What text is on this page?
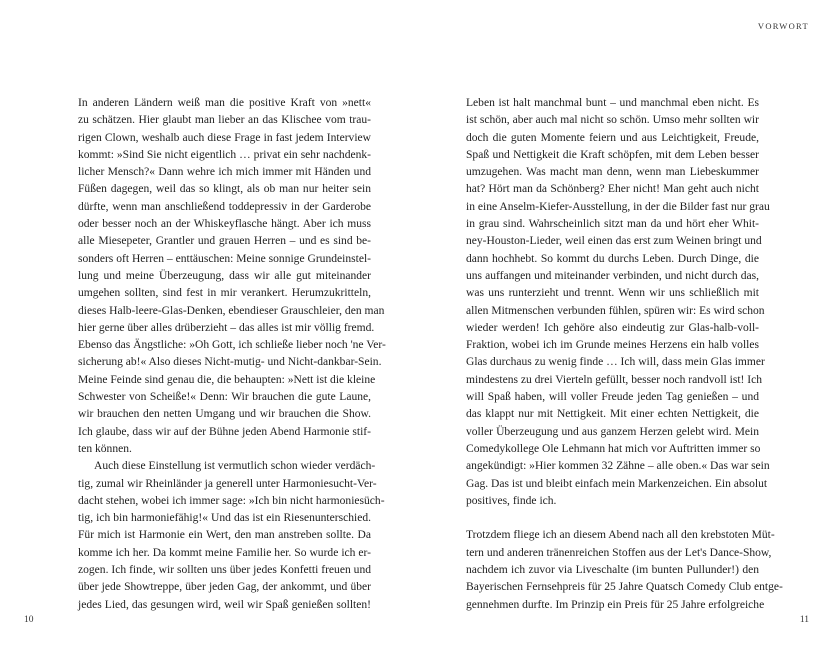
In anderen Ländern weiß man die positive Kraft von »nett«
zu schätzen. Hier glaubt man lieber an das Klischee vom trau-
rigen Clown, weshalb auch diese Frage in fast jedem Interview
kommt: »Sind Sie nicht eigentlich … privat ein sehr nachdenk-
licher Mensch?« Dann wehre ich mich immer mit Händen und
Füßen dagegen, weil das so klingt, als ob man nur heiter sein
dürfte, wenn man anschließend toddepressiv in der Garderobe
oder besser noch an der Whiskeyflasche hängt. Aber ich muss
alle Miesepeter, Grantler und grauen Herren – und es sind be-
sonders oft Herren – enttäuschen: Meine sonnige Grundeinstel-
lung und meine Überzeugung, dass wir alle gut miteinander
umgehen sollten, sind fest in mir verankert. Herumzukritteln,
dieses Halb-leere-Glas-Denken, ebendieser Grauschleier, den man
hier gerne über alles drüberzieht – das alles ist mir völlig fremd.
Ebenso das Ängstliche: »Oh Gott, ich schließe lieber noch 'ne Ver-
sicherung ab!« Also dieses Nicht-mutig- und Nicht-dankbar-Sein.
Meine Feinde sind genau die, die behaupten: »Nett ist die kleine
Schwester von Scheiße!« Denn: Wir brauchen die gute Laune,
wir brauchen den netten Umgang und wir brauchen die Show.
Ich glaube, dass wir auf der Bühne jeden Abend Harmonie stif-
ten können.
Auch diese Einstellung ist vermutlich schon wieder verdäch-
tig, zumal wir Rheinländer ja generell unter Harmoniesucht-Ver-
dacht stehen, wobei ich immer sage: »Ich bin nicht harmoniesüch-
tig, ich bin harmoniefähig!« Und das ist ein Riesenunterschied.
Für mich ist Harmonie ein Wert, den man anstreben sollte. Da
komme ich her. Da kommt meine Familie her. So wurde ich er-
zogen. Ich finde, wir sollten uns über jedes Konfetti freuen und
über jede Showtreppe, über jeden Gag, der ankommt, und über
jedes Lied, das gesungen wird, weil wir Spaß genießen sollten!
10
VORWORT
Leben ist halt manchmal bunt – und manchmal eben nicht. Es
ist schön, aber auch mal nicht so schön. Umso mehr sollten wir
doch die guten Momente feiern und aus Leichtigkeit, Freude,
Spaß und Nettigkeit die Kraft schöpfen, mit dem Leben besser
umzugehen. Was macht man denn, wenn man Liebeskummer
hat? Hört man da Schönberg? Eher nicht! Man geht auch nicht
in eine Anselm-Kiefer-Ausstellung, in der die Bilder fast nur grau
in grau sind. Wahrscheinlich sitzt man da und hört eher Whit-
ney-Houston-Lieder, weil einen das erst zum Weinen bringt und
dann hochhebt. So kommt du durchs Leben. Durch Dinge, die
uns auffangen und miteinander verbinden, und nicht durch das,
was uns runterzieht und trennt. Wenn wir uns schließlich mit
allen Mitmenschen verbunden fühlen, spüren wir: Es wird schon
wieder werden! Ich gehöre also eindeutig zur Glas-halb-voll-
Fraktion, wobei ich im Grunde meines Herzens ein halb volles
Glas durchaus zu wenig finde … Ich will, dass mein Glas immer
mindestens zu drei Vierteln gefüllt, besser noch randvoll ist! Ich
will Spaß haben, will voller Freude jeden Tag genießen – und
das klappt nur mit Nettigkeit. Mit einer echten Nettigkeit, die
voller Überzeugung und aus ganzem Herzen gelebt wird. Mein
Comedykollege Ole Lehmann hat mich vor Auftritten immer so
angekündigt: »Hier kommen 32 Zähne – alle oben.« Das war sein
Gag. Das ist und bleibt einfach mein Markenzeichen. Ein absolut
positives, finde ich.
Trotzdem fliege ich an diesem Abend nach all den krebstoten Müt-
tern und anderen tränenreichen Stoffen aus der Let's Dance-Show,
nachdem ich zuvor via Liveschalte (im bunten Pullunder!) den
Bayerischen Fernsehpreis für 25 Jahre Quatsch Comedy Club entge-
gennehmen durfte. Im Prinzip ein Preis für 25 Jahre erfolgreiche
11
